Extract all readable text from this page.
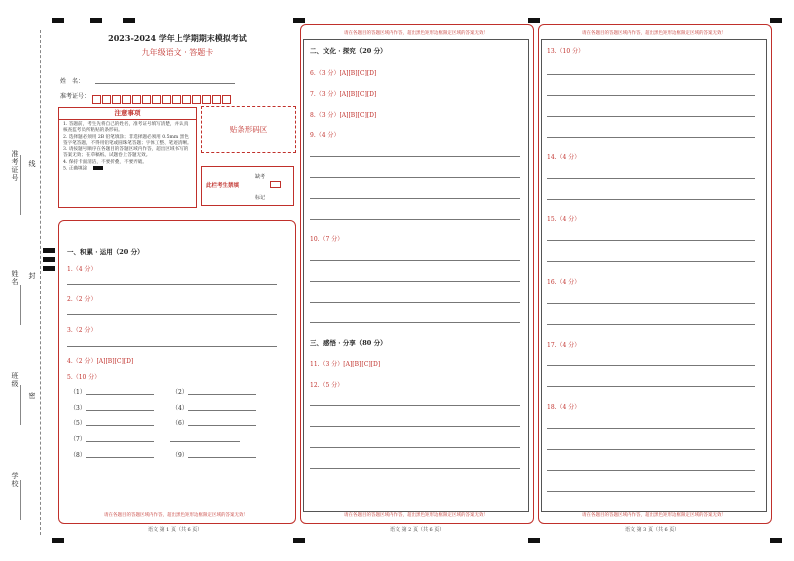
准考证号
姓名
班级
学校
线
封
密
2023-2024 学年上学期期末模拟考试
九年级语文 · 答题卡
姓　名：
准考证号：
注意事项
1. 答题前，考生先将自己的姓名，准考证号填写清楚，并认真核查监考员所粘贴的条形码。
2. 选择题必须用 2B 铅笔填涂；非选择题必须用 0.5mm 黑色签字笔答题，不得用铅笔或圆珠笔答题；字体工整、笔迹清晰。
3. 请按题号顺序在各题目的答题区域内作答，超出区域书写的答案无效；在草稿纸、试题卷上答题无效。
4. 保持卡面清洁，不要折叠，不要弄破。
5. 正确填涂
贴条形码区
此栏考生禁填
缺考
标记
一、积累 · 运用（20 分）
1.（4 分）
2.（2 分）
3.（2 分）
4.（2 分）[A][B][C][D]
5.（10 分）
（1）	（2）
（3）	（4）
（5）	（6）
（7）
（8）	（9）
请在各题目的答题区域内作答，超出黑色矩形边框限定区域的答案无效！
语文 第 1 页（共 6 页）
请在各题目的答题区域内作答，超出黑色矩形边框限定区域的答案无效！
二、文化 · 探究（20 分）
6.（3 分）[A][B][C][D]
7.（3 分）[A][B][C][D]
8.（3 分）[A][B][C][D]
9.（4 分）
10.（7 分）
三、感悟 · 分享（80 分）
11.（3 分）[A][B][C][D]
12.（5 分）
请在各题目的答题区域内作答，超出黑色矩形边框限定区域的答案无效！
语文 第 2 页（共 6 页）
请在各题目的答题区域内作答，超出黑色矩形边框限定区域的答案无效！
13.（10 分）
14.（4 分）
15.（4 分）
16.（4 分）
17.（4 分）
18.（4 分）
请在各题目的答题区域内作答，超出黑色矩形边框限定区域的答案无效！
语文 第 3 页（共 6 页）
